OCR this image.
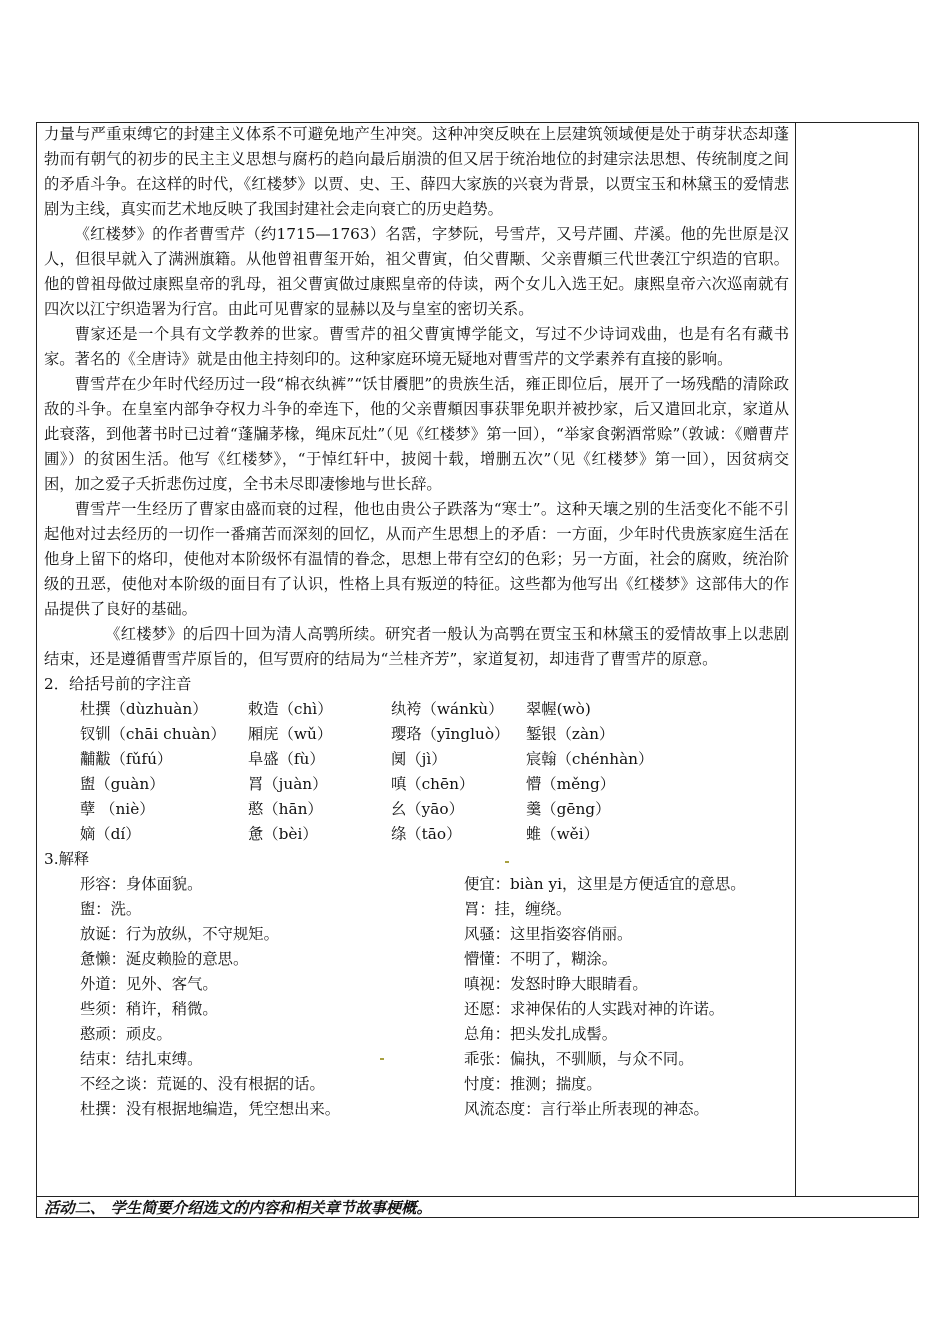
力量与严重束缚它的封建主义体系不可避免地产生冲突。这种冲突反映在上层建筑领域便是处于萌芽状态却蓬勃而有朝气的初步的民主主义思想与腐朽的趋向最后崩溃的但又居于统治地位的封建宗法思想、传统制度之间的矛盾斗争。在这样的时代，《红楼梦》以贾、史、王、薛四大家族的兴衰为背景，以贾宝玉和林黛玉的爱情悲剧为主线，真实而艺术地反映了我国封建社会走向衰亡的历史趋势。

《红楼梦》的作者曹雪芹（约1715—1763）名霑，字梦阮，号雪芹，又号芹圃、芹溪。他的先世原是汉人，但很早就入了满洲旗籍。从他曾祖曹玺开始，祖父曹寅，伯父曹颙、父亲曹頫三代世袭江宁织造的官职。他的曾祖母做过康熙皇帝的乳母，祖父曹寅做过康熙皇帝的侍读，两个女儿入选王妃。康熙皇帝六次巡南就有四次以江宁织造署为行宫。由此可见曹家的显赫以及与皇室的密切关系。

曹家还是一个具有文学教养的世家。曹雪芹的祖父曹寅博学能文，写过不少诗词戏曲，也是有名有藏书家。著名的《全唐诗》就是由他主持刻印的。这种家庭环境无疑地对曹雪芹的文学素养有直接的影响。

曹雪芹在少年时代经历过一段“棉衣纨裤”“饫甘餍肥”的贵族生活，雍正即位后，展开了一场残酷的清除政敌的斗争。在皇室内部争夺权力斗争的牵连下，他的父亲曹頫因事获罪免职并被抄家，后又遣回北京，家道从此衰落，到他著书时已过着“蓬牖茅椽，绳床瓦灶”（见《红楼梦》第一回），“举家食粥酒常赊”（敦诚：《赠曹芹圃》）的贫困生活。他写《红楼梦》，“于悼红轩中，披阅十载，增删五次”（见《红楼梦》第一回），因贫病交困，加之爱子夭折悲伤过度，全书未尽即凄惨地与世长辞。

曹雪芹一生经历了曹家由盛而衰的过程，他也由贵公子跌落为“寒士”。这种天壤之别的生活变化不能不引起他对过去经历的一切作一番痛苦而深刻的回忆，从而产生思想上的矛盾：一方面，少年时代贵族家庭生活在他身上留下的烙印，使他对本阶级怀有温情的眷念，思想上带有空幻的色彩；另一方面，社会的腐败，统治阶级的丑恶，使他对本阶级的面目有了认识，性格上具有叛逆的特征。这些都为他写出《红楼梦》这部伟大的作品提供了良好的基础。

《红楼梦》的后四十回为清人高鹗所续。研究者一般认为高鹗在贾宝玉和林黛玉的爱情故事上以悲剧结束，还是遵循曹雪芹原旨的，但写贾府的结局为“兰桂齐芳”，家道复初，却违背了曹雪芹的原意。

2．给括号前的字注音

杜撰（dùzhuàn）	敕造（chì）	纨袴（wánkù）	翠幄(wò)
钗钏（chāi chuàn）	厢庑（wǔ）	璎珞（yīngluò）	錾银（zàn）
黼黻（fǔfú）	阜盛（fù）	阒（jì）	宸翰（chénhàn）
盥（guàn）	罥（juàn）	嗔（chēn）	懵（měng）
孽 （niè）	憨（hān）	幺（yāo）	羹（gēng）
嫡（dí）	惫（bèi）	绦（tāo）	蜼（wěi）

3.解释

形容：身体面貌。	便宜：biàn yi，这里是方便适宜的意思。
盥：洗。	罥：挂，缠绕。
放诞：行为放纵，不守规矩。	风骚：这里指姿容俏丽。
惫懒：涎皮赖脸的意思。	懵懂：不明了，糊涂。
外道：见外、客气。	嗔视：发怒时睁大眼睛看。
些须：稍许，稍微。	还愿：求神保佑的人实践对神的许诺。
憨顽：顽皮。	总角：把头发扎成髻。
结束：结扎束缚。	乖张：偏执，不驯顺，与众不同。
不经之谈：荒诞的、没有根据的话。	忖度：推测；揣度。
杜撰：没有根据地编造，凭空想出来。	风流态度：言行举止所表现的神态。
活动二、 学生简要介绍选文的内容和相关章节故事梗概。
